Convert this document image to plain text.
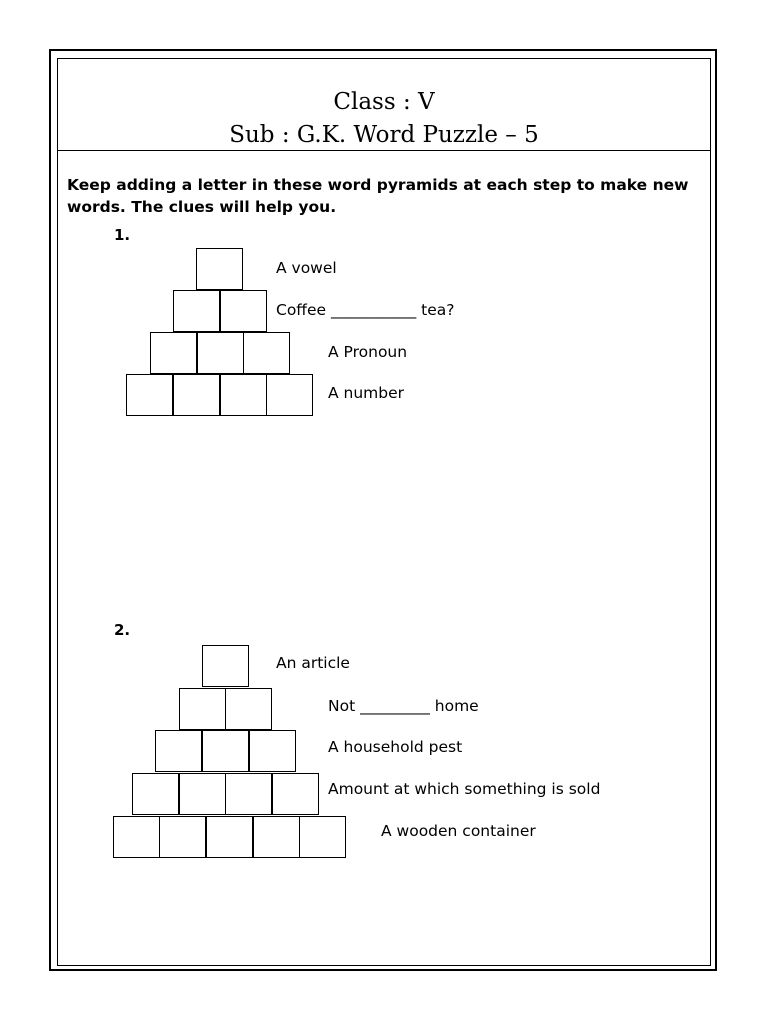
Class : V
Sub : G.K. Word Puzzle – 5
Keep adding a letter in these word pyramids at each step to make new words. The clues will help you.
1.
A vowel
Coffee ___________ tea?
A Pronoun
A number
2.
An article
Not _________ home
A household pest
Amount at which something is sold
A wooden container
